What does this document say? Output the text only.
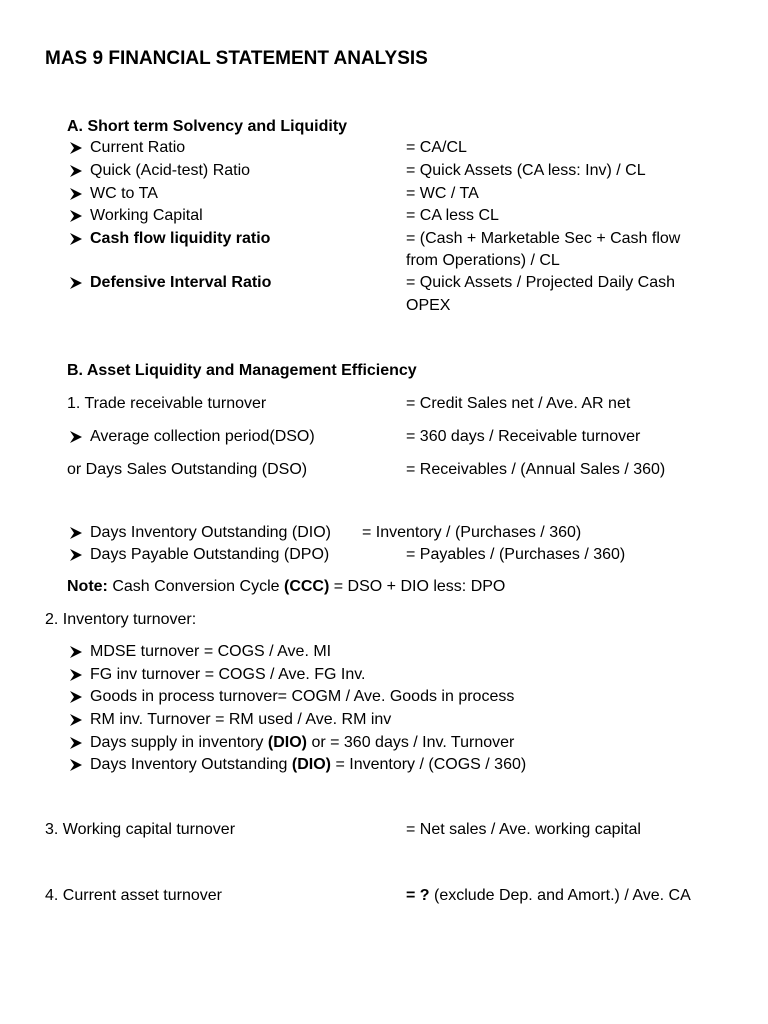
MAS 9 FINANCIAL STATEMENT ANALYSIS
A. Short term Solvency and Liquidity
Current Ratio	= CA/CL
Quick (Acid-test) Ratio	= Quick Assets (CA less: Inv) / CL
WC to TA	= WC / TA
Working Capital	= CA less CL
Cash flow liquidity ratio	= (Cash + Marketable Sec + Cash flow
from Operations) / CL
Defensive Interval Ratio	= Quick Assets / Projected Daily Cash
OPEX
B. Asset Liquidity and Management Efficiency
1. Trade receivable turnover	= Credit Sales net / Ave. AR net
Average collection period(DSO)	= 360 days / Receivable turnover
or Days Sales Outstanding (DSO)	= Receivables / (Annual Sales / 360)
Days Inventory Outstanding (DIO) = Inventory / (Purchases / 360)
Days Payable Outstanding (DPO)	= Payables / (Purchases / 360)
Note: Cash Conversion Cycle (CCC) = DSO + DIO less: DPO
2. Inventory turnover:
MDSE turnover = COGS / Ave. MI
FG inv turnover = COGS / Ave. FG Inv.
Goods in process turnover= COGM / Ave. Goods in process
RM inv. Turnover = RM used / Ave. RM inv
Days supply in inventory (DIO) or = 360 days / Inv. Turnover
Days Inventory Outstanding (DIO) = Inventory / (COGS / 360)
3. Working capital turnover	= Net sales / Ave. working capital
4. Current asset turnover	= ? (exclude Dep. and Amort.) / Ave. CA
